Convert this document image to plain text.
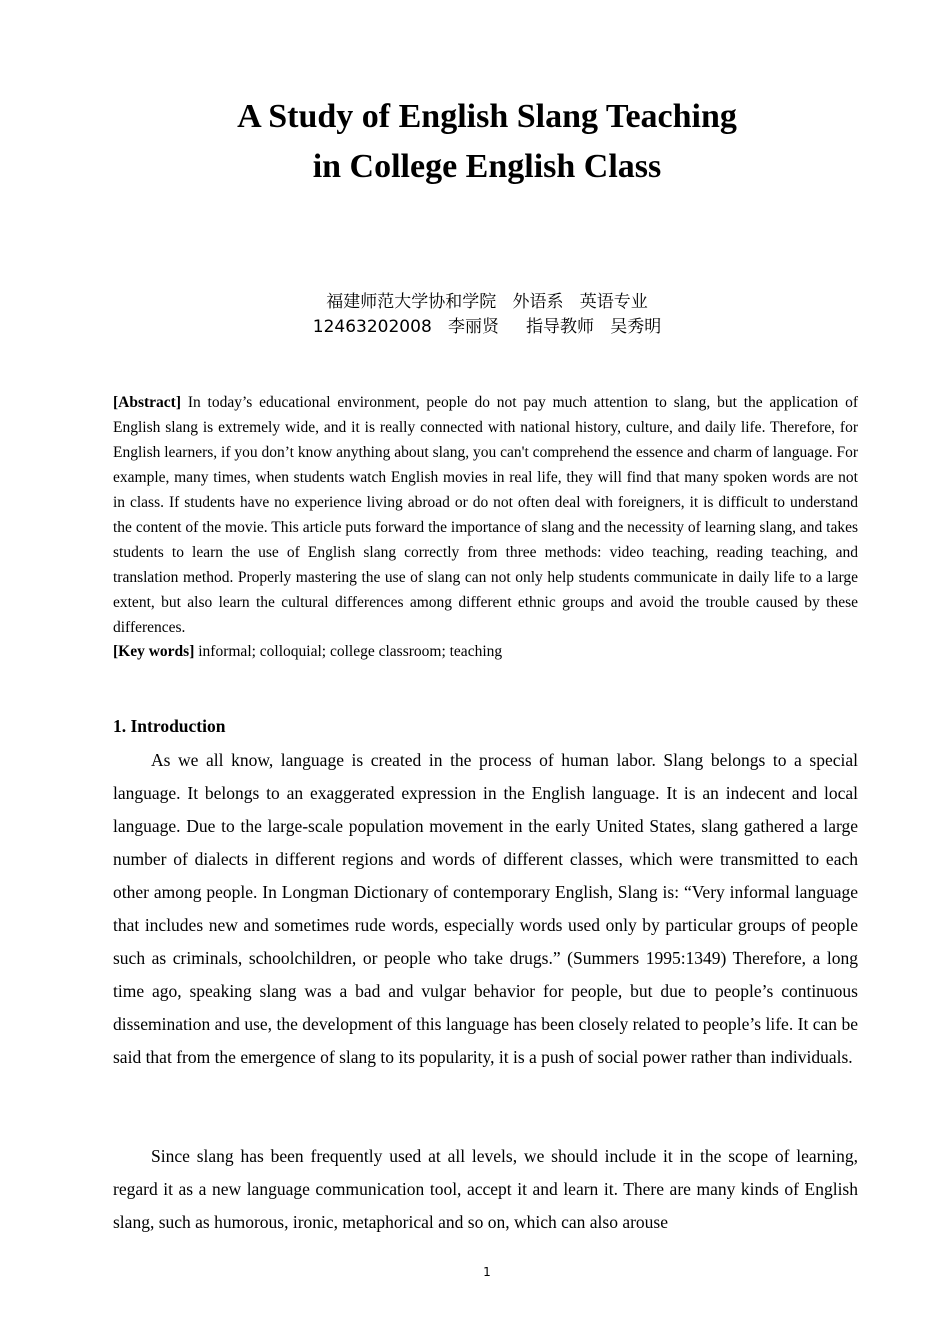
A Study of English Slang Teaching
in College English Class
福建师范大学协和学院   外语系   英语专业
12463202008   李丽贤     指导教师   吴秀明

[Abstract] In today’s educational environment, people do not pay much attention to slang, but the application of English slang is extremely wide, and it is really connected with national history, culture, and daily life. Therefore, for English learners, if you don’t know anything about slang, you can't comprehend the essence and charm of language. For example, many times, when students watch English movies in real life, they will find that many spoken words are not in class. If students have no experience living abroad or do not often deal with foreigners, it is difficult to understand the content of the movie. This article puts forward the importance of slang and the necessity of learning slang, and takes students to learn the use of English slang correctly from three methods: video teaching, reading teaching, and translation method. Properly mastering the use of slang can not only help students communicate in daily life to a large extent, but also learn the cultural differences among different ethnic groups and avoid the trouble caused by these differences.

[Key words] informal; colloquial; college classroom; teaching

1. Introduction

As we all know, language is created in the process of human labor. Slang belongs to a special language. It belongs to an exaggerated expression in the English language. It is an indecent and local language. Due to the large-scale population movement in the early United States, slang gathered a large number of dialects in different regions and words of different classes, which were transmitted to each other among people. In Longman Dictionary of contemporary English, Slang is: “Very informal language that includes new and sometimes rude words, especially words used only by particular groups of people such as criminals, schoolchildren, or people who take drugs.” (Summers 1995:1349) Therefore, a long time ago, speaking slang was a bad and vulgar behavior for people, but due to people’s continuous dissemination and use, the development of this language has been closely related to people’s life. It can be said that from the emergence of slang to its popularity, it is a push of social power rather than individuals.

Since slang has been frequently used at all levels, we should include it in the scope of learning, regard it as a new language communication tool, accept it and learn it. There are many kinds of English slang, such as humorous, ironic, metaphorical and so on, which can also arouse

1
